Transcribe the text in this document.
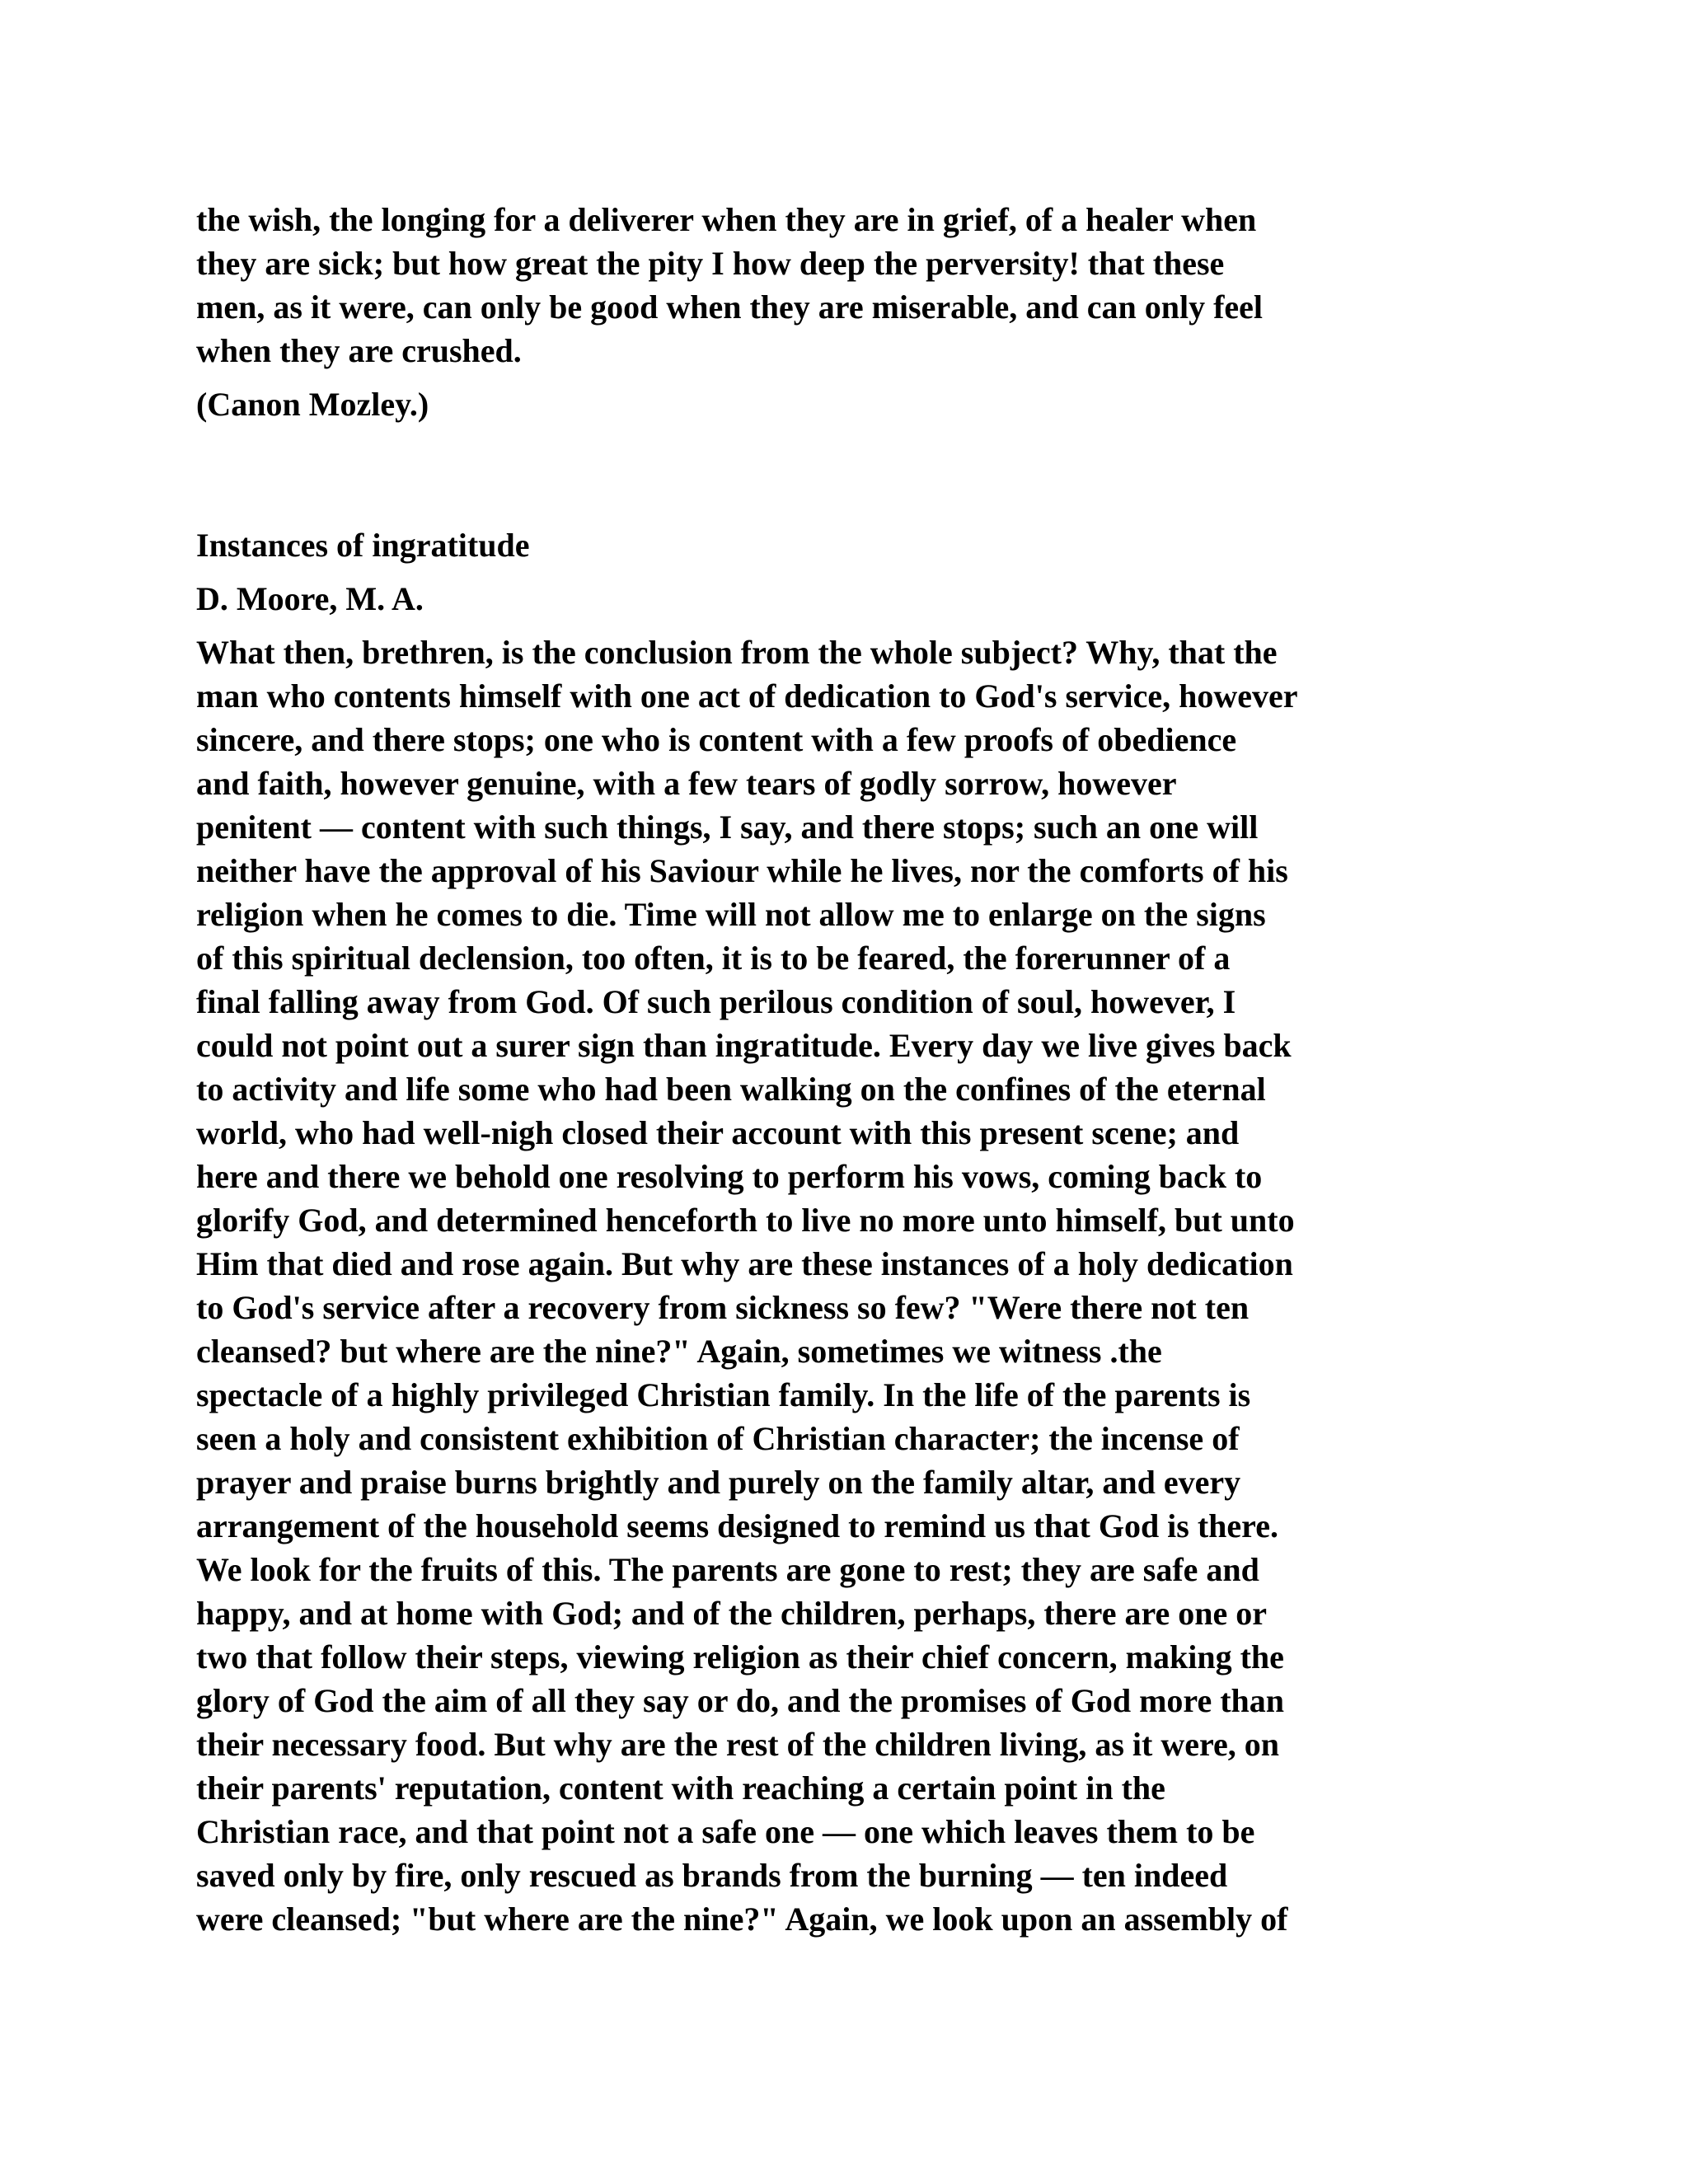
the wish, the longing for a deliverer when they are in grief, of a healer when
they are sick; but how great the pity I how deep the perversity! that these
men, as it were, can only be good when they are miserable, and can only feel
when they are crushed.

(Canon Mozley.)

Instances of ingratitude

D. Moore, M. A.

What then, brethren, is the conclusion from the whole subject? Why, that the
man who contents himself with one act of dedication to God's service, however
sincere, and there stops; one who is content with a few proofs of obedience
and faith, however genuine, with a few tears of godly sorrow, however
penitent — content with such things, I say, and there stops; such an one will
neither have the approval of his Saviour while he lives, nor the comforts of his
religion when he comes to die. Time will not allow me to enlarge on the signs
of this spiritual declension, too often, it is to be feared, the forerunner of a
final falling away from God. Of such perilous condition of soul, however, I
could not point out a surer sign than ingratitude. Every day we live gives back
to activity and life some who had been walking on the confines of the eternal
world, who had well-nigh closed their account with this present scene; and
here and there we behold one resolving to perform his vows, coming back to
glorify God, and determined henceforth to live no more unto himself, but unto
Him that died and rose again. But why are these instances of a holy dedication
to God's service after a recovery from sickness so few? "Were there not ten
cleansed? but where are the nine?" Again, sometimes we witness .the
spectacle of a highly privileged Christian family. In the life of the parents is
seen a holy and consistent exhibition of Christian character; the incense of
prayer and praise burns brightly and purely on the family altar, and every
arrangement of the household seems designed to remind us that God is there.
We look for the fruits of this. The parents are gone to rest; they are safe and
happy, and at home with God; and of the children, perhaps, there are one or
two that follow their steps, viewing religion as their chief concern, making the
glory of God the aim of all they say or do, and the promises of God more than
their necessary food. But why are the rest of the children living, as it were, on
their parents' reputation, content with reaching a certain point in the
Christian race, and that point not a safe one — one which leaves them to be
saved only by fire, only rescued as brands from the burning — ten indeed
were cleansed; "but where are the nine?" Again, we look upon an assembly of
